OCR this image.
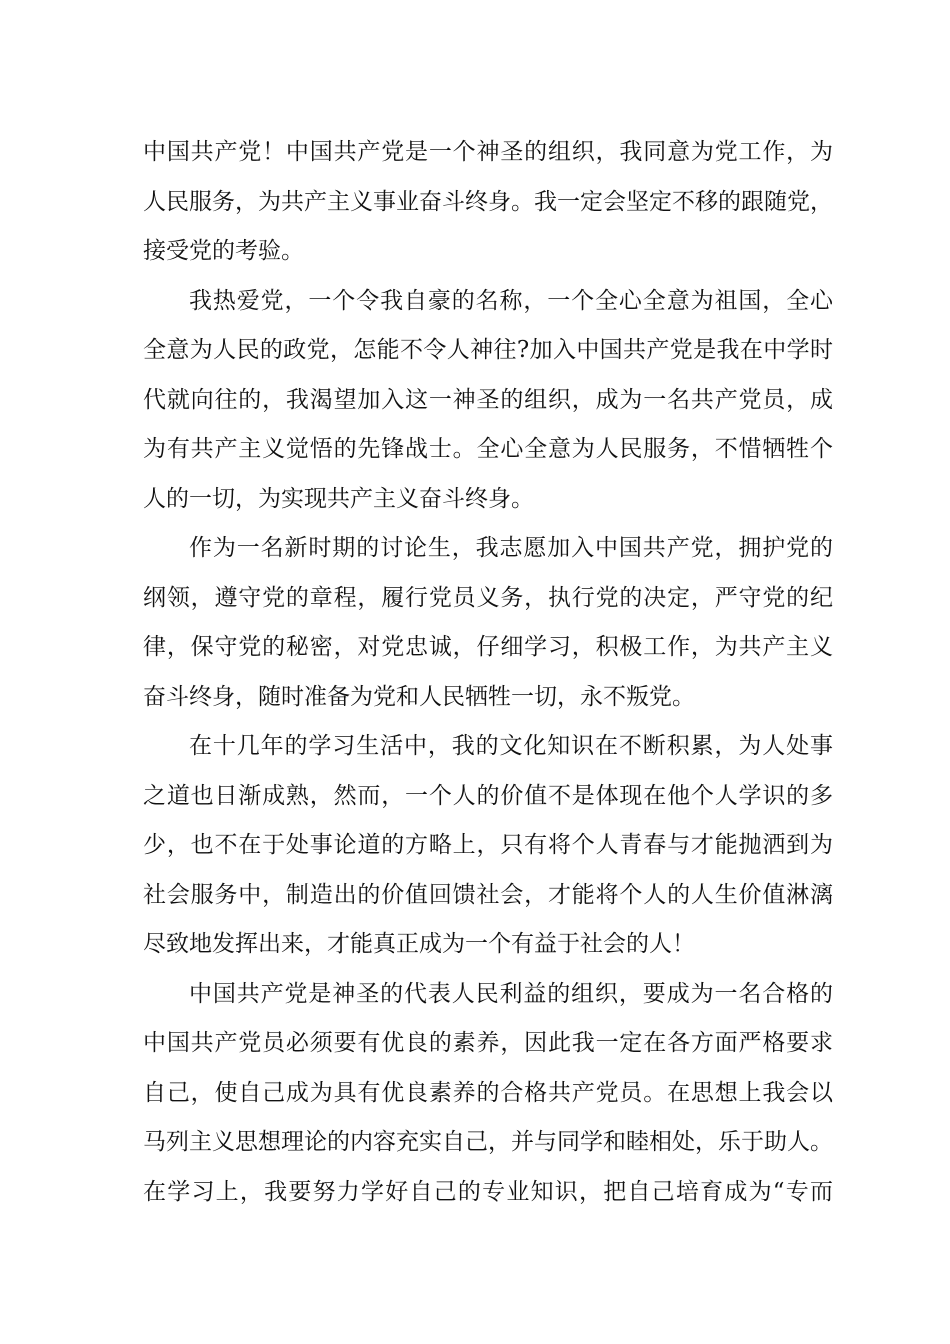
中国共产党！中国共产党是一个神圣的组织，我同意为党工作，为
人民服务，为共产主义事业奋斗终身。我一定会坚定不移的跟随党，
接受党的考验。
我热爱党，一个令我自豪的名称，一个全心全意为祖国，全心
全意为人民的政党，怎能不令人神往?加入中国共产党是我在中学时
代就向往的，我渴望加入这一神圣的组织，成为一名共产党员，成
为有共产主义觉悟的先锋战士。全心全意为人民服务，不惜牺牲个
人的一切，为实现共产主义奋斗终身。
作为一名新时期的讨论生，我志愿加入中国共产党，拥护党的
纲领，遵守党的章程，履行党员义务，执行党的决定，严守党的纪
律，保守党的秘密，对党忠诚，仔细学习，积极工作，为共产主义
奋斗终身，随时准备为党和人民牺牲一切，永不叛党。
在十几年的学习生活中，我的文化知识在不断积累，为人处事
之道也日渐成熟，然而，一个人的价值不是体现在他个人学识的多
少，也不在于处事论道的方略上，只有将个人青春与才能抛洒到为
社会服务中，制造出的价值回馈社会，才能将个人的人生价值淋漓
尽致地发挥出来，才能真正成为一个有益于社会的人！
中国共产党是神圣的代表人民利益的组织，要成为一名合格的
中国共产党员必须要有优良的素养，因此我一定在各方面严格要求
自己，使自己成为具有优良素养的合格共产党员。在思想上我会以
马列主义思想理论的内容充实自己，并与同学和睦相处，乐于助人。
在学习上，我要努力学好自己的专业知识，把自己培育成为“专而
